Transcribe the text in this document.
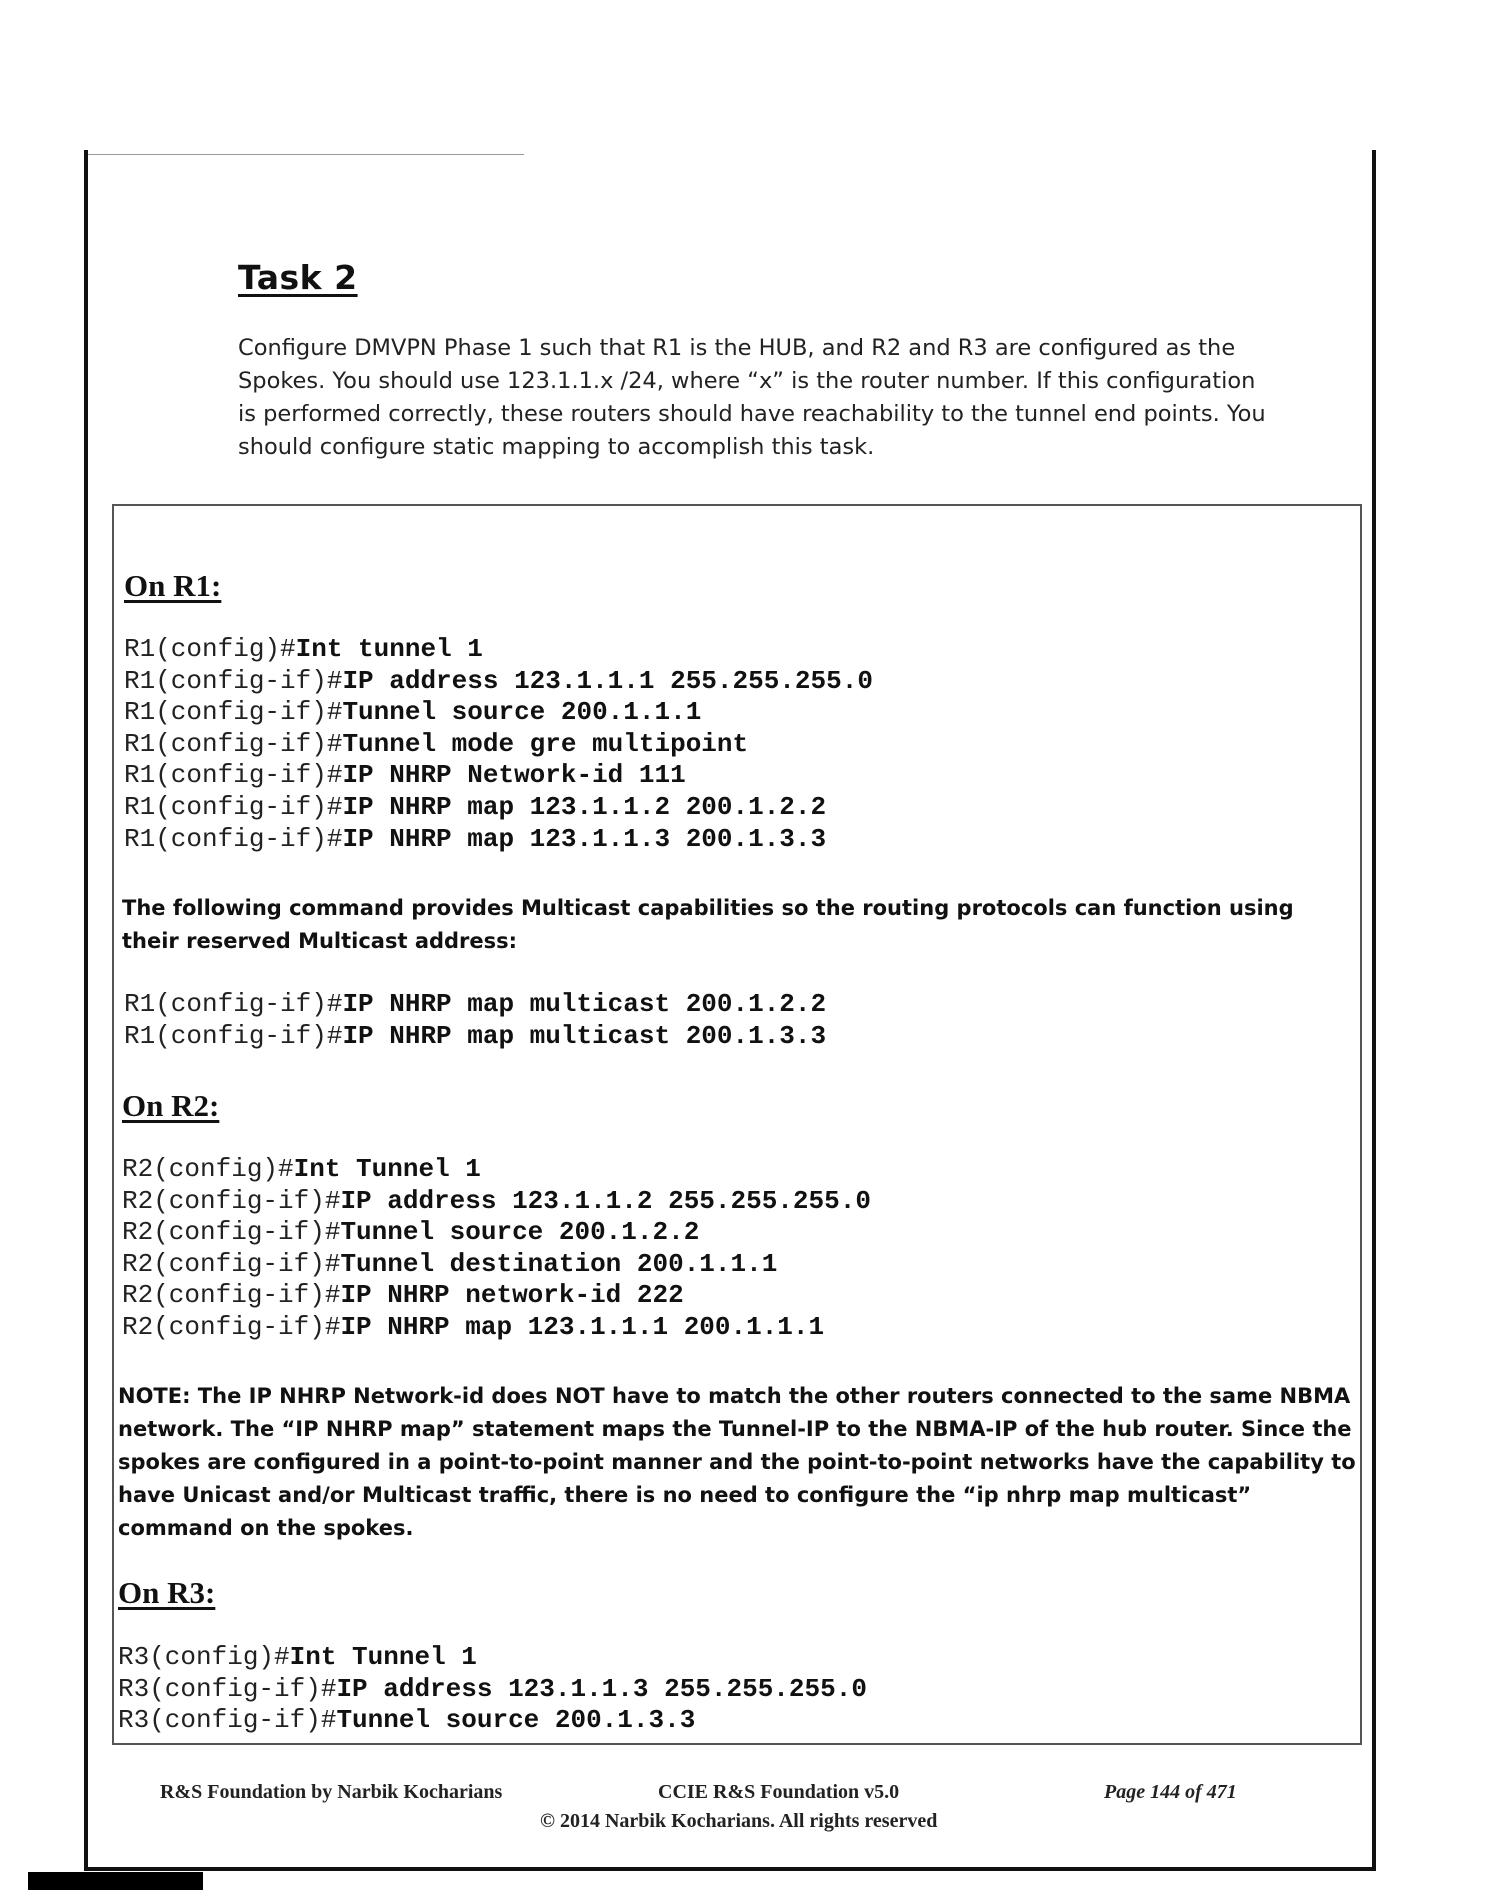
Task 2

Configure DMVPN Phase 1 such that R1 is the HUB, and R2 and R3 are configured as the Spokes. You should use 123.1.1.x /24, where “x” is the router number. If this configuration is performed correctly, these routers should have reachability to the tunnel end points. You should configure static mapping to accomplish this task.

On R1:
R1(config)#Int tunnel 1
R1(config-if)#IP address 123.1.1.1 255.255.255.0
R1(config-if)#Tunnel source 200.1.1.1
R1(config-if)#Tunnel mode gre multipoint
R1(config-if)#IP NHRP Network-id 111
R1(config-if)#IP NHRP map 123.1.1.2 200.1.2.2
R1(config-if)#IP NHRP map 123.1.1.3 200.1.3.3

The following command provides Multicast capabilities so the routing protocols can function using their reserved Multicast address:

R1(config-if)#IP NHRP map multicast 200.1.2.2
R1(config-if)#IP NHRP map multicast 200.1.3.3
On R2:
R2(config)#Int Tunnel 1
R2(config-if)#IP address 123.1.1.2 255.255.255.0
R2(config-if)#Tunnel source 200.1.2.2
R2(config-if)#Tunnel destination 200.1.1.1
R2(config-if)#IP NHRP network-id 222
R2(config-if)#IP NHRP map 123.1.1.1 200.1.1.1

NOTE: The IP NHRP Network-id does NOT have to match the other routers connected to the same NBMA network. The “IP NHRP map” statement maps the Tunnel-IP to the NBMA-IP of the hub router. Since the spokes are configured in a point-to-point manner and the point-to-point networks have the capability to have Unicast and/or Multicast traffic, there is no need to configure the “ip nhrp map multicast” command on the spokes.

On R3:
R3(config)#Int Tunnel 1
R3(config-if)#IP address 123.1.1.3 255.255.255.0
R3(config-if)#Tunnel source 200.1.3.3
R&S Foundation by Narbik Kocharians	CCIE R&S Foundation v5.0	Page 144 of 471
© 2014 Narbik Kocharians. All rights reserved
